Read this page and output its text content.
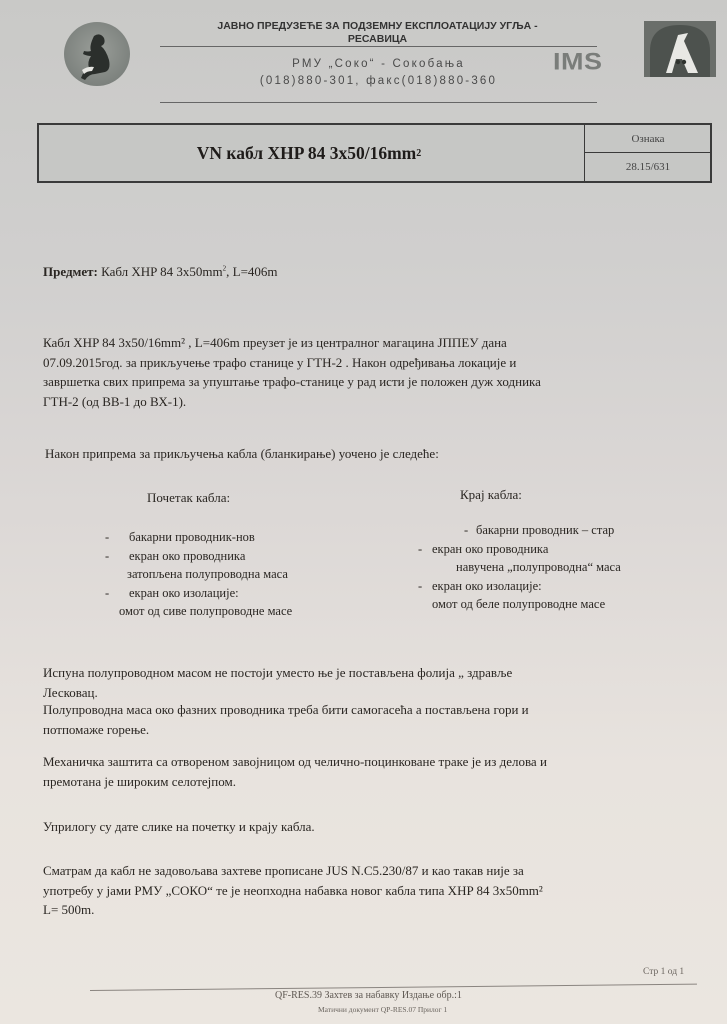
ЈАВНО ПРЕДУЗЕЋЕ ЗА ПОДЗЕМНУ ЕКСПЛОАТАЦИЈУ УГЉА -
РЕСАВИЦА
РМУ „Соко“ - Сокобања
(018)880-301, факс(018)880-360
IMS
VN кабл XHP 84 3x50/16mm 2
Ознака
28.15/631
Предмет: Кабл XHP 84 $3x50mm^2$, L=406m
Кабл XHP 84 3x50/16mm² , L=406m преузет је из централног магацина ЈППЕУ дана
07.09.2015год. за прикључење трафо станице у ГТН-2 . Након одређивања локације и
завршетка свих припрема за упуштање трафо-станице у рад исти је положен дуж ходника
ГТН-2 (од ВВ-1 до ВХ-1).
Након припрема за прикључења кабла (бланкирање) уочено је следеће:
Почетак кабла:	Крај кабла:
- бакарни проводник-нов
- екран око проводника
затопљена полупроводна маса
- екран око изолације:
омот од сиве полупроводне масе
- бакарни проводник – стар
- екран око проводника
навучена „полупроводна“ маса
- екран око изолације:
омот од беле полупроводне масе
Испуна полупроводном масом не постоји уместо ње је постављена фолија „ здравље
Лесковац.
Полупроводна маса око фазних проводника треба бити самогасећа а постављена гори и
потпомаже горење.
Механичка заштита са отвореном завојницом од челично-поцинковане траке је из делова и
премотана је широким селотејпом.
Уприлогу су дате слике на почетку и крају кабла.
Сматрам да кабл не задовољава захтеве прописане JUS N.C5.230/87 и као такав није за
употребу у јами РМУ „СОКО“ те је неопходна набавка новог кабла типа XHP 84 3x50mm²
L= 500m.
Стр 1 од 1
QF-RES.39 Захтев за набавку Издање обр.:1
Матични документ QP-RES.07 Прилог 1
